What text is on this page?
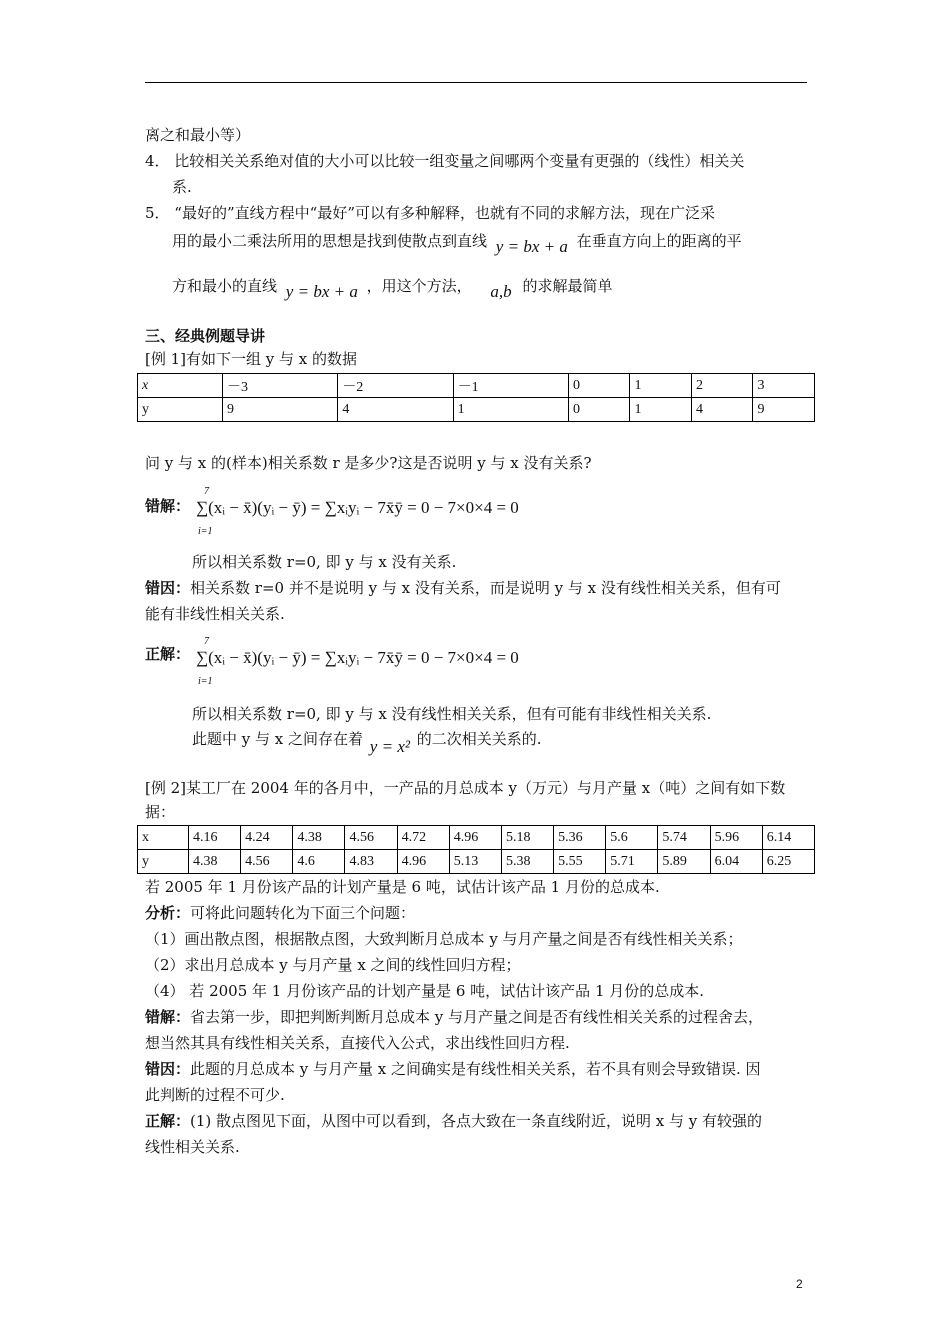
离之和最小等）
4． 比较相关关系绝对值的大小可以比较一组变量之间哪两个变量有更强的（线性）相关关
系.
5． “最好的”直线方程中“最好”可以有多种解释，也就有不同的求解方法，现在广泛采
用的最小二乘法所用的思想是找到使散点到直线 y = bx + a 在垂直方向上的距离的平
方和最小的直线 y = bx + a ，用这个方法， a,b 的求解最简单
三、经典例题导讲
[例 1]有如下一组 y 与 x 的数据
x	－3	－2	－1	0	1	2	3
y	9	4	1	0	1	4	9
问 y 与 x 的(样本)相关系数 r 是多少?这是否说明 y 与 x 没有关系?
错解：
7
i=1
∑(xᵢ − x̄)(yᵢ − ȳ) = ∑xᵢyᵢ − 7x̄ȳ = 0 − 7×0×4 = 0
所以相关系数 r=0, 即 y 与 x 没有关系.
错因：相关系数 r=0 并不是说明 y 与 x 没有关系，而是说明 y 与 x 没有线性相关关系，但有可
能有非线性相关关系.
正解：
7
i=1
∑(xᵢ − x̄)(yᵢ − ȳ) = ∑xᵢyᵢ − 7x̄ȳ = 0 − 7×0×4 = 0
所以相关系数 r=0, 即 y 与 x 没有线性相关关系，但有可能有非线性相关关系.
此题中 y 与 x 之间存在着 y = x² 的二次相关关系的.
[例 2]某工厂在 2004 年的各月中，一产品的月总成本 y（万元）与月产量 x（吨）之间有如下数
据：
x	4.16	4.24	4.38	4.56	4.72	4.96	5.18	5.36	5.6	5.74	5.96	6.14
y	4.38	4.56	4.6	4.83	4.96	5.13	5.38	5.55	5.71	5.89	6.04	6.25
若 2005 年 1 月份该产品的计划产量是 6 吨，试估计该产品 1 月份的总成本.
分析：可将此问题转化为下面三个问题：
（1）画出散点图，根据散点图，大致判断月总成本 y 与月产量之间是否有线性相关关系；
（2）求出月总成本 y 与月产量 x 之间的线性回归方程；
（4） 若 2005 年 1 月份该产品的计划产量是 6 吨，试估计该产品 1 月份的总成本.
错解：省去第一步，即把判断判断月总成本 y 与月产量之间是否有线性相关关系的过程舍去，
想当然其具有线性相关关系，直接代入公式，求出线性回归方程.
错因：此题的月总成本 y 与月产量 x 之间确实是有线性相关关系，若不具有则会导致错误. 因
此判断的过程不可少.
正解：(1) 散点图见下面，从图中可以看到，各点大致在一条直线附近，说明 x 与 y 有较强的
线性相关关系.
2
